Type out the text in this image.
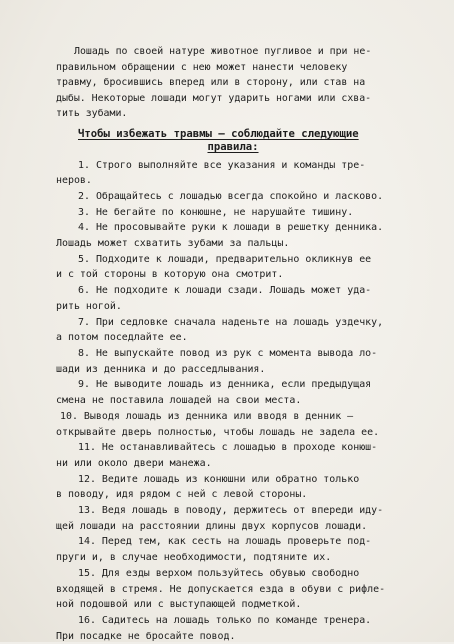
Лошадь по своей натуре животное пугливое и при не-

правильном обращении с нею может нанести человеку

травму, бросившись вперед или в сторону, или став на

дыбы. Некоторые лошади могут ударить ногами или схва-

тить зубами.

Чтобы избежать травмы – соблюдайте следующие
правила:

1. Строго выполняйте все указания и команды тре-

неров.

2. Обращайтесь с лошадью всегда спокойно и ласково.

3. Не бегайте по конюшне, не нарушайте тишину.

4. Не просовывайте руки к лошади в решетку денника.

Лошадь может схватить зубами за пальцы.

5. Подходите к лошади, предварительно окликнув ее

и с той стороны в которую она смотрит.

6. Не подходите к лошади сзади. Лошадь может уда-

рить ногой.

7. При седловке сначала наденьте на лошадь уздечку,

а потом поседлайте ее.

8. Не выпускайте повод из рук с момента вывода ло-

шади из денника и до расседлывания.

9. Не выводите лошадь из денника, если предыдущая

смена не поставила лошадей на свои места.

10. Выводя лошадь из денника или вводя в денник –

открывайте дверь полностью, чтобы лошадь не задела ее.

11. Не останавливайтесь с лошадью в проходе конюш-

ни или около двери манежа.

12. Ведите лошадь из конюшни или обратно только

в поводу, идя рядом с ней с левой стороны.

13. Ведя лошадь в поводу, держитесь от впереди иду-

щей лошади на расстоянии длины двух корпусов лошади.

14. Перед тем, как сесть на лошадь проверьте под-

пруги и, в случае необходимости, подтяните их.

15. Для езды верхом пользуйтесь обувью свободно

входящей в стремя. Не допускается езда в обуви с рифле-

ной подошвой или с выступающей подметкой.

16. Садитесь на лошадь только по команде тренера.

При посадке не бросайте повод.
